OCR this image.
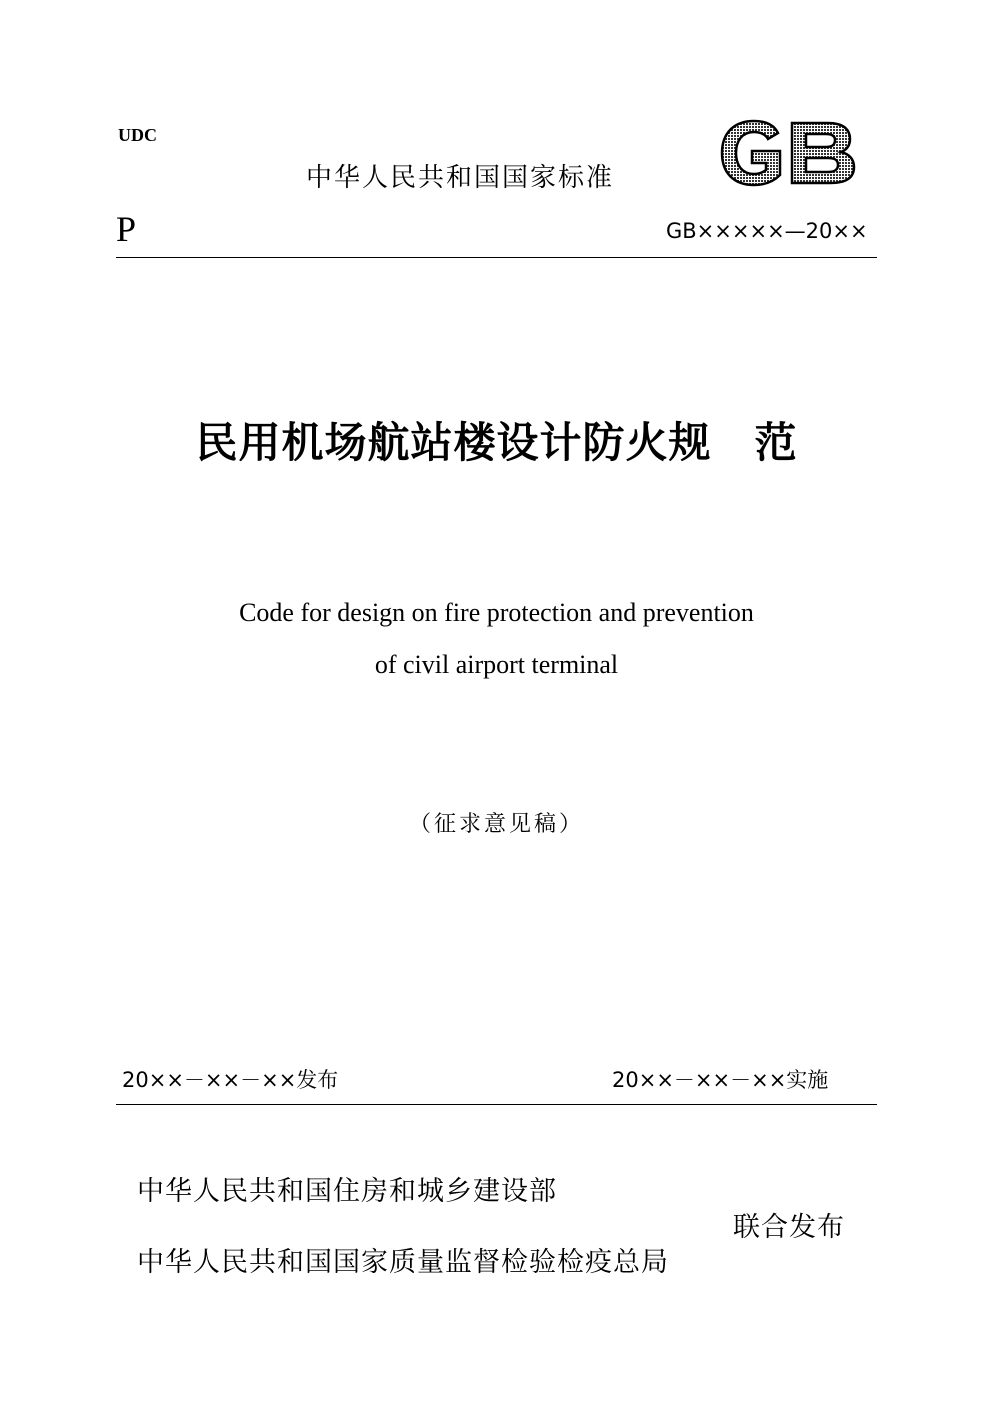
UDC
中华人民共和国国家标准
P	GB×××××—20××
民用机场航站楼设计防火规　范
Code for design on fire protection and prevention
of civil airport terminal
（征求意见稿）
20××－××－××发布	20××－××－××实施
中华人民共和国住房和城乡建设部
中华人民共和国国家质量监督检验检疫总局
联合发布
